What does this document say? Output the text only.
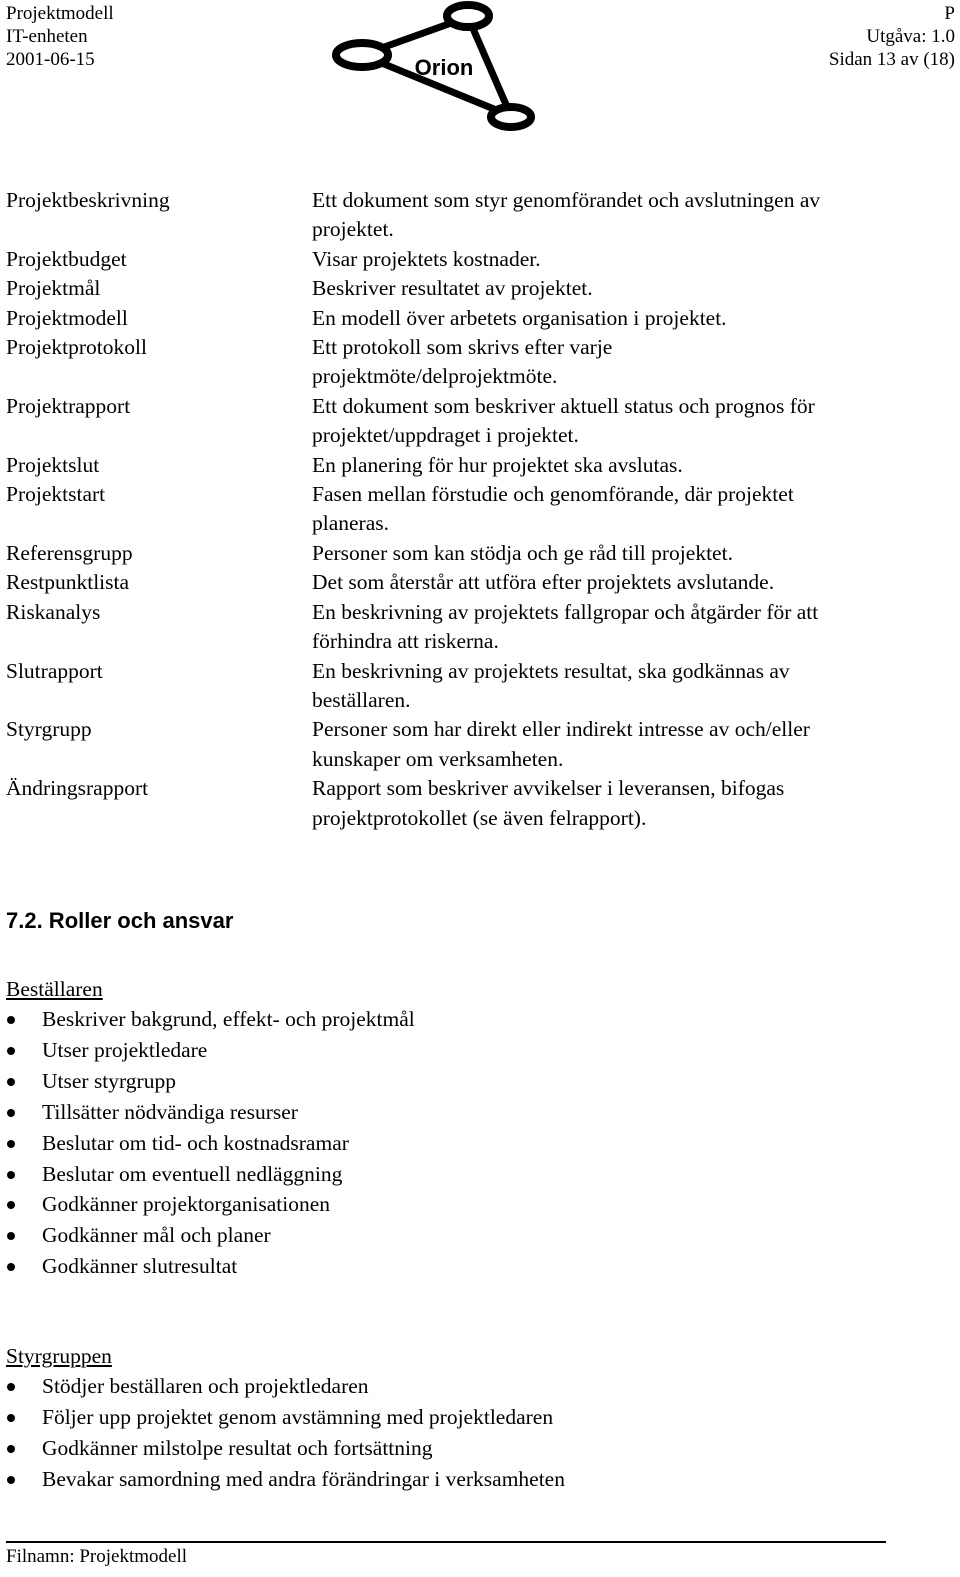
Projektmodell
IT-enheten
2001-06-15	Orion
P
Utgåva: 1.0
Sidan 13 av (18)
Projektbeskrivning	Ett dokument som styr genomförandet och avslutningen av
projektet.
Projektbudget	Visar projektets kostnader.
Projektmål	Beskriver resultatet av projektet.
Projektmodell	En modell över arbetets organisation i projektet.
Projektprotokoll	Ett protokoll som skrivs efter varje
projektmöte/delprojektmöte.
Projektrapport	Ett dokument som beskriver aktuell status och prognos för
projektet/uppdraget i projektet.
Projektslut	En planering för hur projektet ska avslutas.
Projektstart	Fasen mellan förstudie och genomförande, där projektet
planeras.
Referensgrupp	Personer som kan stödja och ge råd till projektet.
Restpunktlista	Det som återstår att utföra efter projektets avslutande.
Riskanalys	En beskrivning av projektets fallgropar och åtgärder för att
förhindra att riskerna.
Slutrapport	En beskrivning av projektets resultat, ska godkännas av
beställaren.
Styrgrupp	Personer som har direkt eller indirekt intresse av och/eller
kunskaper om verksamheten.
Ändringsrapport	Rapport som beskriver avvikelser i leveransen, bifogas
projektprotokollet (se även felrapport).
7.2. Roller och ansvar
Beställaren
Beskriver bakgrund, effekt- och projektmål
Utser projektledare
Utser styrgrupp
Tillsätter nödvändiga resurser
Beslutar om tid- och kostnadsramar
Beslutar om eventuell nedläggning
Godkänner projektorganisationen
Godkänner mål och planer
Godkänner slutresultat
Styrgruppen
Stödjer beställaren och projektledaren
Följer upp projektet genom avstämning med projektledaren
Godkänner milstolpe resultat och fortsättning
Bevakar samordning med andra förändringar i verksamheten
Filnamn: Projektmodell
